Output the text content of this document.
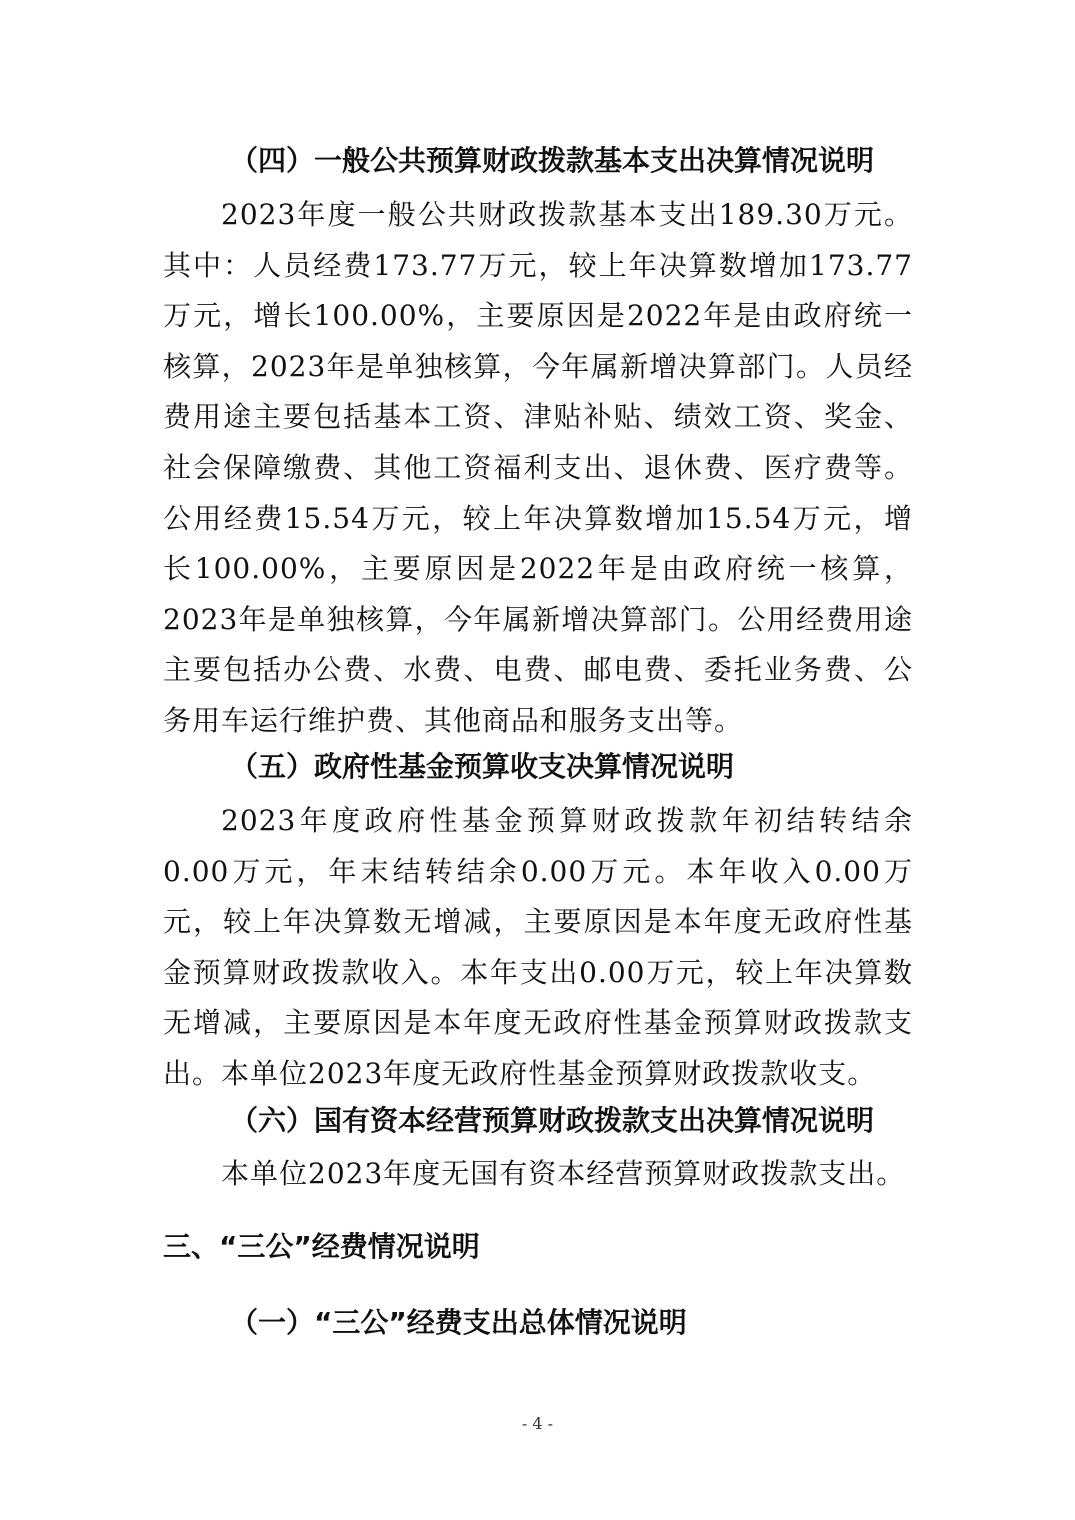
（四）一般公共预算财政拨款基本支出决算情况说明

2023年度一般公共财政拨款基本支出189.30万元。其中：人员经费173.77万元，较上年决算数增加173.77万元，增长100.00%，主要原因是2022年是由政府统一核算，2023年是单独核算，今年属新增决算部门。人员经费用途主要包括基本工资、津贴补贴、绩效工资、奖金、社会保障缴费、其他工资福利支出、退休费、医疗费等。公用经费15.54万元，较上年决算数增加15.54万元，增长100.00%，主要原因是2022年是由政府统一核算，2023年是单独核算，今年属新增决算部门。公用经费用途主要包括办公费、水费、电费、邮电费、委托业务费、公务用车运行维护费、其他商品和服务支出等。

（五）政府性基金预算收支决算情况说明

2023年度政府性基金预算财政拨款年初结转结余0.00万元，年末结转结余0.00万元。本年收入0.00万元，较上年决算数无增减，主要原因是本年度无政府性基金预算财政拨款收入。本年支出0.00万元，较上年决算数无增减，主要原因是本年度无政府性基金预算财政拨款支出。本单位2023年度无政府性基金预算财政拨款收支。

（六）国有资本经营预算财政拨款支出决算情况说明

本单位2023年度无国有资本经营预算财政拨款支出。

三、“三公”经费情况说明
（一）“三公”经费支出总体情况说明
- 4 -
